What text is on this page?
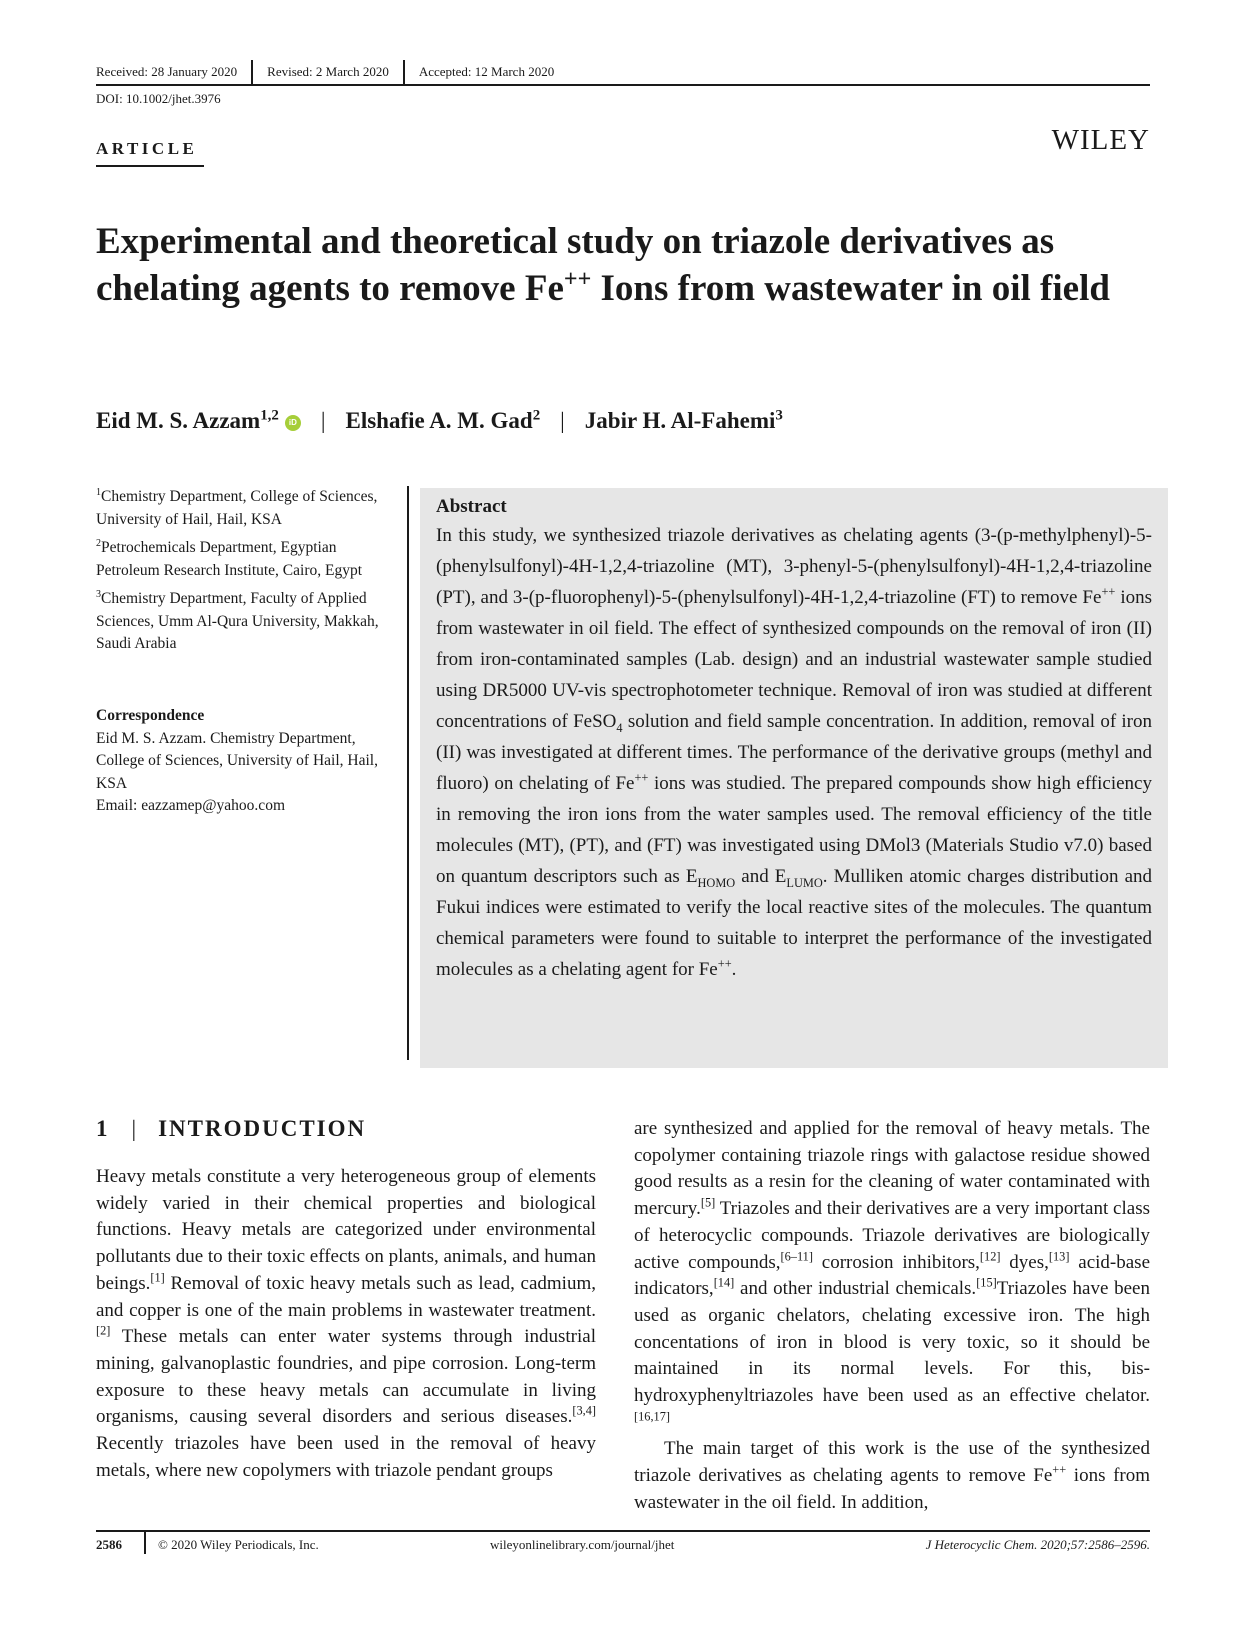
Received: 28 January 2020	Revised: 2 March 2020	Accepted: 12 March 2020
DOI: 10.1002/jhet.3976
ARTICLE	WILEY
Experimental and theoretical study on triazole derivatives as chelating agents to remove Fe++ Ions from wastewater in oil field
Eid M. S. Azzam$^{1,2}$ iD | Elshafie A. M. Gad$^2$ | Jabir H. Al-Fahemi$^3$

$^1$Chemistry Department, College of Sciences, University of Hail, Hail, KSA

$^2$Petrochemicals Department, Egyptian Petroleum Research Institute, Cairo, Egypt

$^3$Chemistry Department, Faculty of Applied Sciences, Umm Al-Qura University, Makkah, Saudi Arabia

Correspondence
Eid M. S. Azzam. Chemistry Department, College of Sciences, University of Hail, Hail, KSA
Email: eazzamep@yahoo.com
Abstract

In this study, we synthesized triazole derivatives as chelating agents (3-(p-methylphenyl)-5-(phenylsulfonyl)-4H-1,2,4-triazoline (MT), 3-phenyl-5-(phenylsulfonyl)-4H-1,2,4-triazoline (PT), and 3-(p-fluorophenyl)-5-(phenylsulfonyl)-4H-1,2,4-triazoline (FT) to remove Fe++ ions from wastewater in oil field. The effect of synthesized compounds on the removal of iron (II) from iron-contaminated samples (Lab. design) and an industrial wastewater sample studied using DR5000 UV-vis spectrophotometer technique. Removal of iron was studied at different concentrations of FeSO$_4$ solution and field sample concentration. In addition, removal of iron (II) was investigated at different times. The performance of the derivative groups (methyl and fluoro) on chelating of Fe++ ions was studied. The prepared compounds show high efficiency in removing the iron ions from the water samples used. The removal efficiency of the title molecules (MT), (PT), and (FT) was investigated using DMol3 (Materials Studio v7.0) based on quantum descriptors such as $E_{HOMO}$ and $E_{LUMO}$. Mulliken atomic charges distribution and Fukui indices were estimated to verify the local reactive sites of the molecules. The quantum chemical parameters were found to suitable to interpret the performance of the investigated molecules as a chelating agent for Fe++.

1 | INTRODUCTION

Heavy metals constitute a very heterogeneous group of elements widely varied in their chemical properties and biological functions. Heavy metals are categorized under environmental pollutants due to their toxic effects on plants, animals, and human beings.[1] Removal of toxic heavy metals such as lead, cadmium, and copper is one of the main problems in wastewater treatment.[2] These metals can enter water systems through industrial mining, galvanoplastic foundries, and pipe corrosion. Long-term exposure to these heavy metals can accumulate in living organisms, causing several disorders and serious diseases.[3,4] Recently triazoles have been used in the removal of heavy metals, where new copolymers with triazole pendant groups

are synthesized and applied for the removal of heavy metals. The copolymer containing triazole rings with galactose residue showed good results as a resin for the cleaning of water contaminated with mercury.[5] Triazoles and their derivatives are a very important class of heterocyclic compounds. Triazole derivatives are biologically active compounds,[6–11] corrosion inhibitors,[12] dyes,[13] acid-base indicators,[14] and other industrial chemicals.[15]Triazoles have been used as organic chelators, chelating excessive iron. The high concentations of iron in blood is very toxic, so it should be maintained in its normal levels. For this, bis-hydroxyphenyltriazoles have been used as an effective chelator.[16,17]

The main target of this work is the use of the synthesized triazole derivatives as chelating agents to remove Fe++ ions from wastewater in the oil field. In addition,

2586	© 2020 Wiley Periodicals, Inc.	wileyonlinelibrary.com/journal/jhet	J Heterocyclic Chem. 2020;57:2586–2596.
